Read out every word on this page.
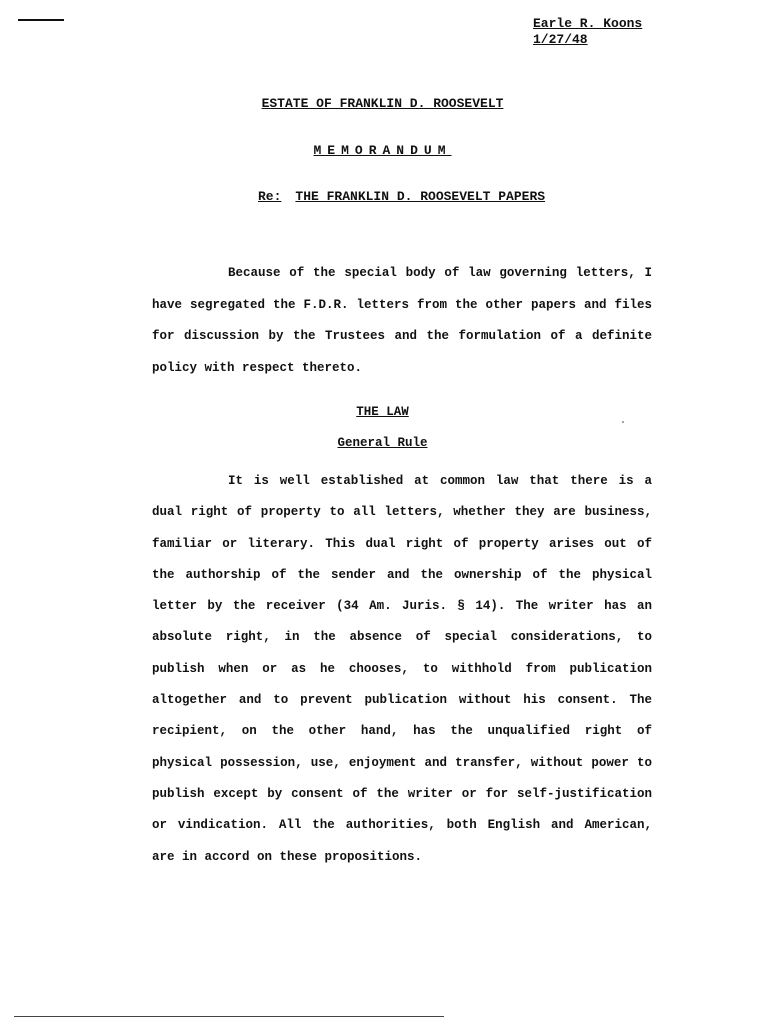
Earle R. Koons
1/27/48
ESTATE OF FRANKLIN D. ROOSEVELT
MEMORANDUM
Re: THE FRANKLIN D. ROOSEVELT PAPERS

Because of the special body of law governing letters, I have segregated the F.D.R. letters from the other papers and files for discussion by the Trustees and the formulation of a definite policy with respect thereto.

THE LAW
General Rule

It is well established at common law that there is a dual right of property to all letters, whether they are business, familiar or literary. This dual right of property arises out of the authorship of the sender and the ownership of the physical letter by the receiver (34 Am. Juris. § 14). The writer has an absolute right, in the absence of special considerations, to publish when or as he chooses, to withhold from publication altogether and to prevent publication without his consent. The recipient, on the other hand, has the unqualified right of physical possession, use, enjoyment and transfer, without power to publish except by consent of the writer or for self-justification or vindication. All the authorities, both English and American, are in accord on these propositions.
